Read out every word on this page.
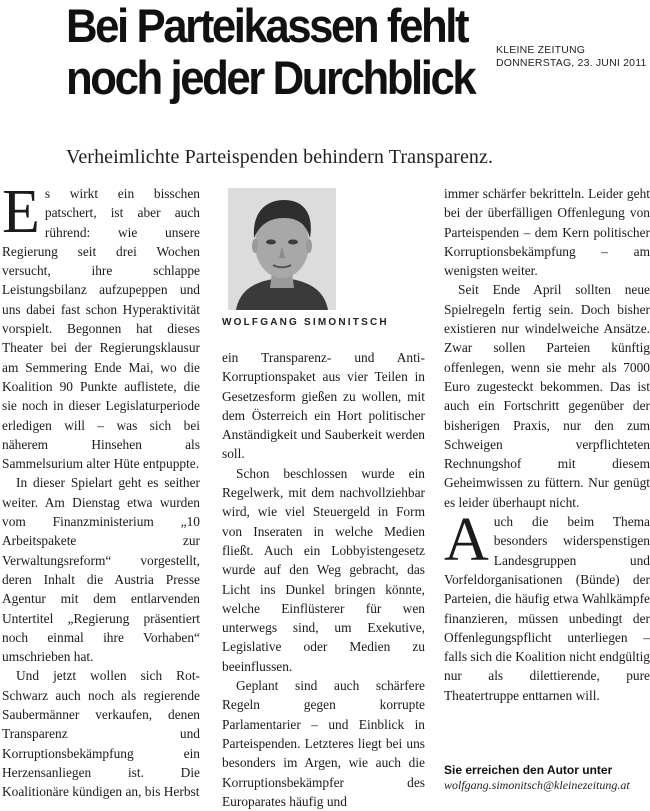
Bei Parteikassen fehlt
noch jeder Durchblick
KLEINE ZEITUNG
DONNERSTAG, 23. JUNI 2011
Verheimlichte Parteispenden behindern Transparenz.

Es wirkt ein bisschen patschert, ist aber auch rührend: wie unsere Regierung seit drei Wochen versucht, ihre schlappe Leistungsbilanz aufzupeppen und uns dabei fast schon Hyperaktivität vorspielt. Begonnen hat dieses Theater bei der Regierungsklausur am Semmering Ende Mai, wo die Koalition 90 Punkte auflistete, die sie noch in dieser Legislaturperiode erledigen will – was sich bei näherem Hinsehen als Sammelsurium alter Hüte entpuppte.

In dieser Spielart geht es seither weiter. Am Dienstag etwa wurden vom Finanzministerium „10 Arbeitspakete zur Verwaltungsreform“ vorgestellt, deren Inhalt die Austria Presse Agentur mit dem entlarvenden Untertitel „Regierung präsentiert noch einmal ihre Vorhaben“ umschrieben hat.

Und jetzt wollen sich Rot-Schwarz auch noch als regierende Saubermänner verkaufen, denen Transparenz und Korruptionsbekämpfung ein Herzensanliegen ist. Die Koalitionäre kündigen an, bis Herbst

WOLFGANG SIMONITSCH

ein Transparenz- und Anti-Korruptionspaket aus vier Teilen in Gesetzesform gießen zu wollen, mit dem Österreich ein Hort politischer Anständigkeit und Sauberkeit werden soll.

Schon beschlossen wurde ein Regelwerk, mit dem nachvollziehbar wird, wie viel Steuergeld in Form von Inseraten in welche Medien fließt. Auch ein Lobbyistengesetz wurde auf den Weg gebracht, das Licht ins Dunkel bringen könnte, welche Einflüsterer für wen unterwegs sind, um Exekutive, Legislative oder Medien zu beeinflussen.

Geplant sind auch schärfere Regeln gegen korrupte Parlamentarier – und Einblick in Parteispenden. Letzteres liegt bei uns besonders im Argen, wie auch die Korruptionsbekämpfer des Europarates häufig und

immer schärfer bekritteln. Leider geht bei der überfälligen Offenlegung von Parteispenden – dem Kern politischer Korruptionsbekämpfung – am wenigsten weiter.

Seit Ende April sollten neue Spielregeln fertig sein. Doch bisher existieren nur windelweiche Ansätze. Zwar sollen Parteien künftig offenlegen, wenn sie mehr als 7000 Euro zugesteckt bekommen. Das ist auch ein Fortschritt gegenüber der bisherigen Praxis, nur den zum Schweigen verpflichteten Rechnungshof mit diesem Geheimwissen zu füttern. Nur genügt es leider überhaupt nicht.

Auch die beim Thema besonders widerspenstigen Landesgruppen und Vorfeldorganisationen (Bünde) der Parteien, die häufig etwa Wahlkämpfe finanzieren, müssen unbedingt der Offenlegungspflicht unterliegen – falls sich die Koalition nicht endgültig nur als dilettierende, pure Theatertruppe enttarnen will.

Sie erreichen den Autor unter
wolfgang.simonitsch@kleinezeitung.at
